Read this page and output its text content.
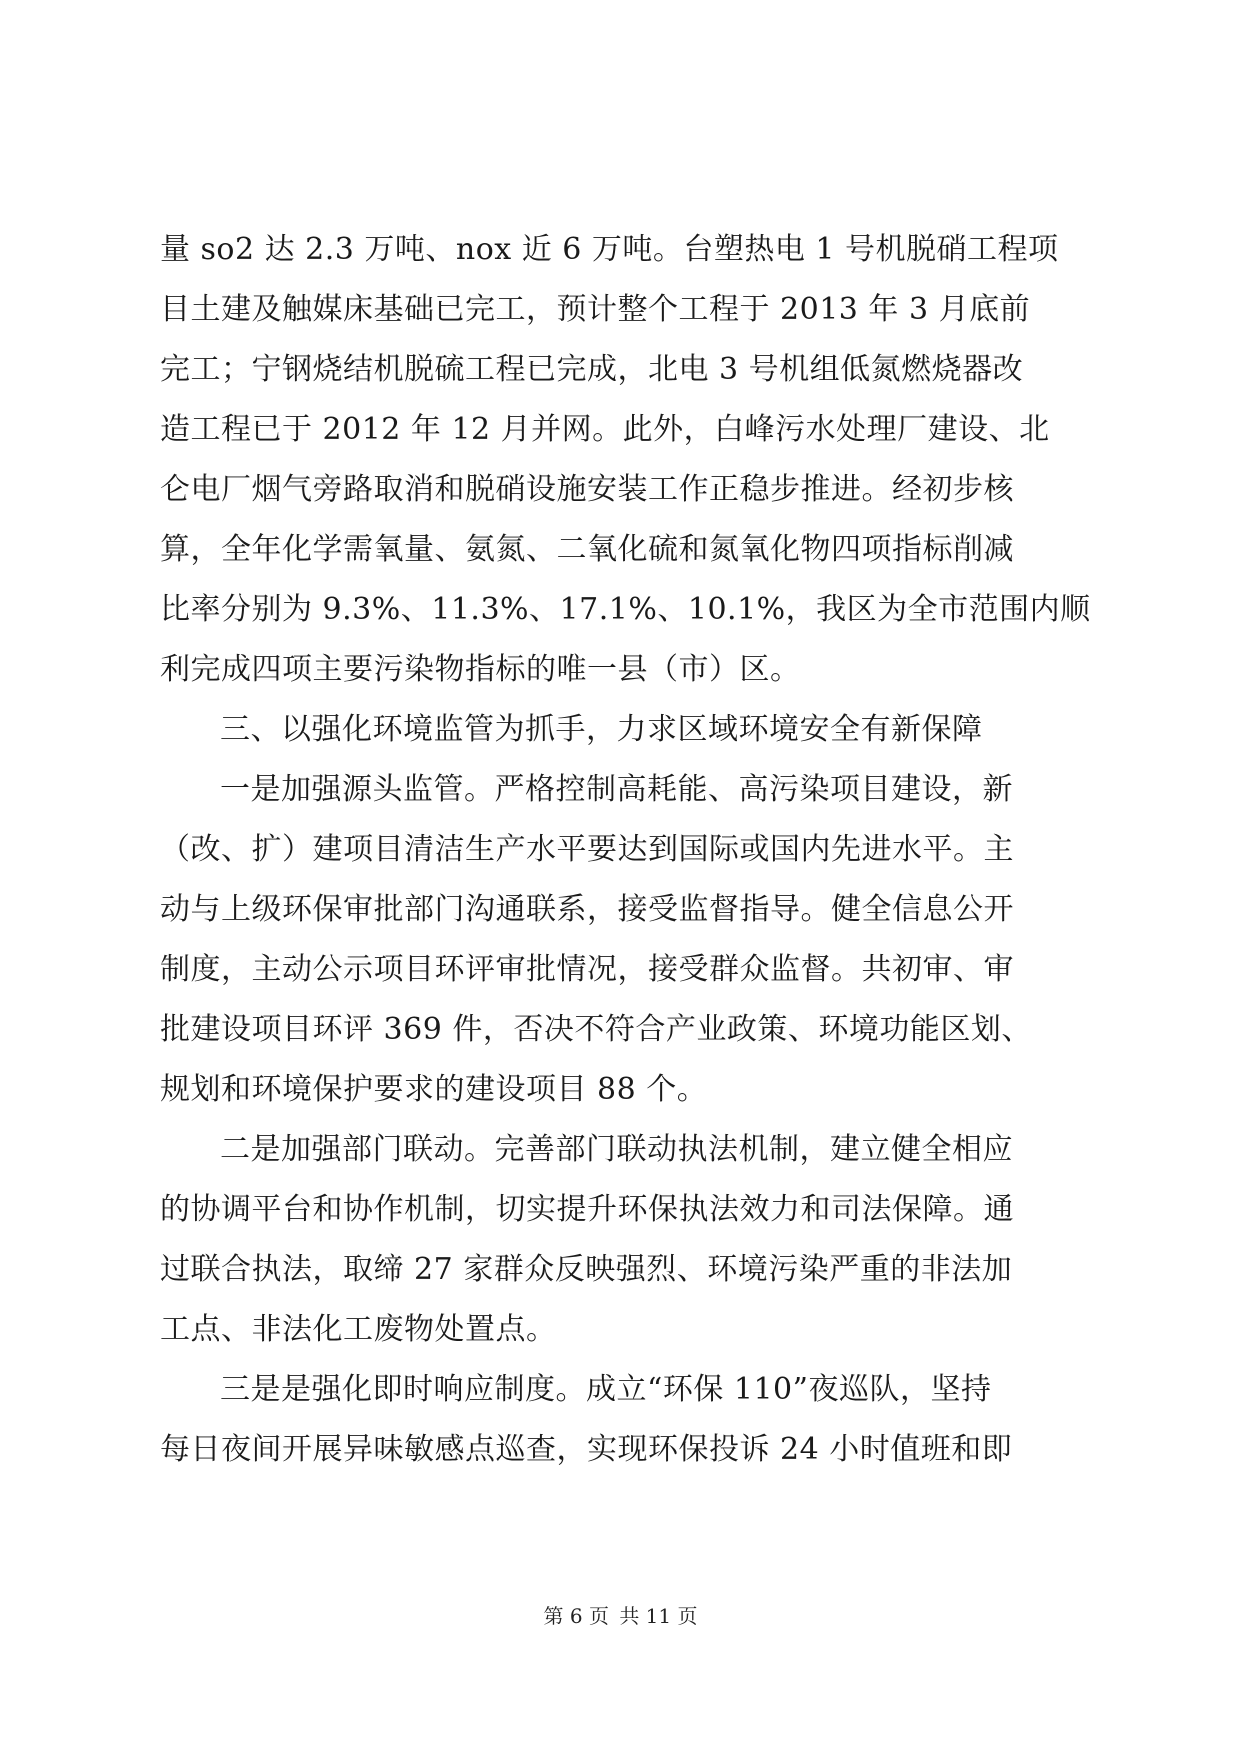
量 so2 达 2.3 万吨、nox 近 6 万吨。台塑热电 1 号机脱硝工程项
目土建及触媒床基础已完工，预计整个工程于 2013 年 3 月底前
完工；宁钢烧结机脱硫工程已完成，北电 3 号机组低氮燃烧器改
造工程已于 2012 年 12 月并网。此外，白峰污水处理厂建设、北
仑电厂烟气旁路取消和脱硝设施安装工作正稳步推进。经初步核
算，全年化学需氧量、氨氮、二氧化硫和氮氧化物四项指标削减
比率分别为 9.3%、11.3%、17.1%、10.1%，我区为全市范围内顺
利完成四项主要污染物指标的唯一县（市）区。
三、以强化环境监管为抓手，力求区域环境安全有新保障
一是加强源头监管。严格控制高耗能、高污染项目建设，新
（改、扩）建项目清洁生产水平要达到国际或国内先进水平。主
动与上级环保审批部门沟通联系，接受监督指导。健全信息公开
制度，主动公示项目环评审批情况，接受群众监督。共初审、审
批建设项目环评 369 件，否决不符合产业政策、环境功能区划、
规划和环境保护要求的建设项目 88 个。
二是加强部门联动。完善部门联动执法机制，建立健全相应
的协调平台和协作机制，切实提升环保执法效力和司法保障。通
过联合执法，取缔 27 家群众反映强烈、环境污染严重的非法加
工点、非法化工废物处置点。
三是是强化即时响应制度。成立“环保 110”夜巡队，坚持
每日夜间开展异味敏感点巡查，实现环保投诉 24 小时值班和即
第 6 页 共 11 页
